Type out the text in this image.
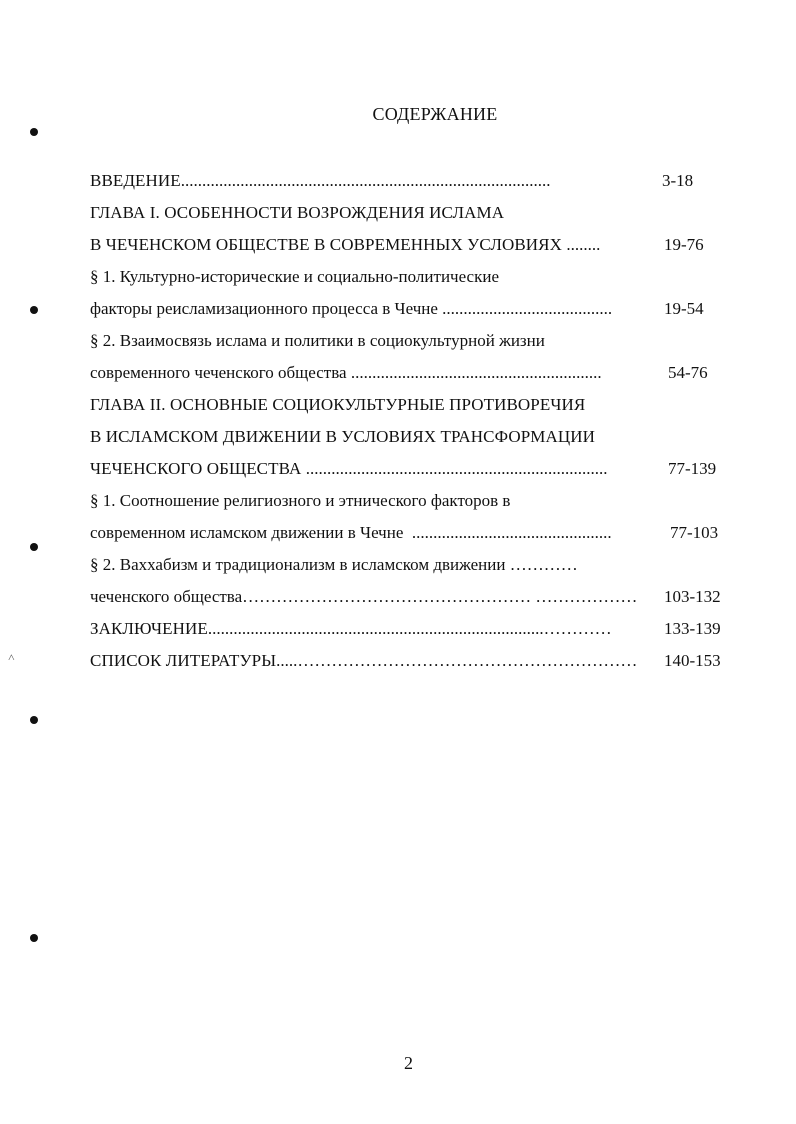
˄
СОДЕРЖАНИЕ
ВВЕДЕНИЕ.......................................................................................	3-18
ГЛАВА I. ОСОБЕННОСТИ ВОЗРОЖДЕНИЯ ИСЛАМА
В ЧЕЧЕНСКОМ ОБЩЕСТВЕ В СОВРЕМЕННЫХ УСЛОВИЯХ ........	19-76
§ 1. Культурно-исторические и социально-политические
факторы реисламизационного процесса в Чечне ........................................	19-54
§ 2. Взаимосвязь ислама и политики в социокультурной жизни
современного чеченского общества ...........................................................	54-76
ГЛАВА II. ОСНОВНЫЕ СОЦИОКУЛЬТУРНЫЕ ПРОТИВОРЕЧИЯ
В ИСЛАМСКОМ ДВИЖЕНИИ В УСЛОВИЯХ ТРАНСФОРМАЦИИ
ЧЕЧЕНСКОГО ОБЩЕСТВА .......................................................................	77-139
§ 1. Соотношение религиозного и этнического факторов в
современном исламском движении в Чечне ...............................................	77-103
§ 2. Ваххабизм и традиционализм в исламском движении …………
чеченского общества…………………………………………… ……………… 103-132
ЗАКЛЮЧЕНИЕ...............................................................................…………	133-139
СПИСОК ЛИТЕРАТУРЫ.....…………………………………………………… 140-153
2
